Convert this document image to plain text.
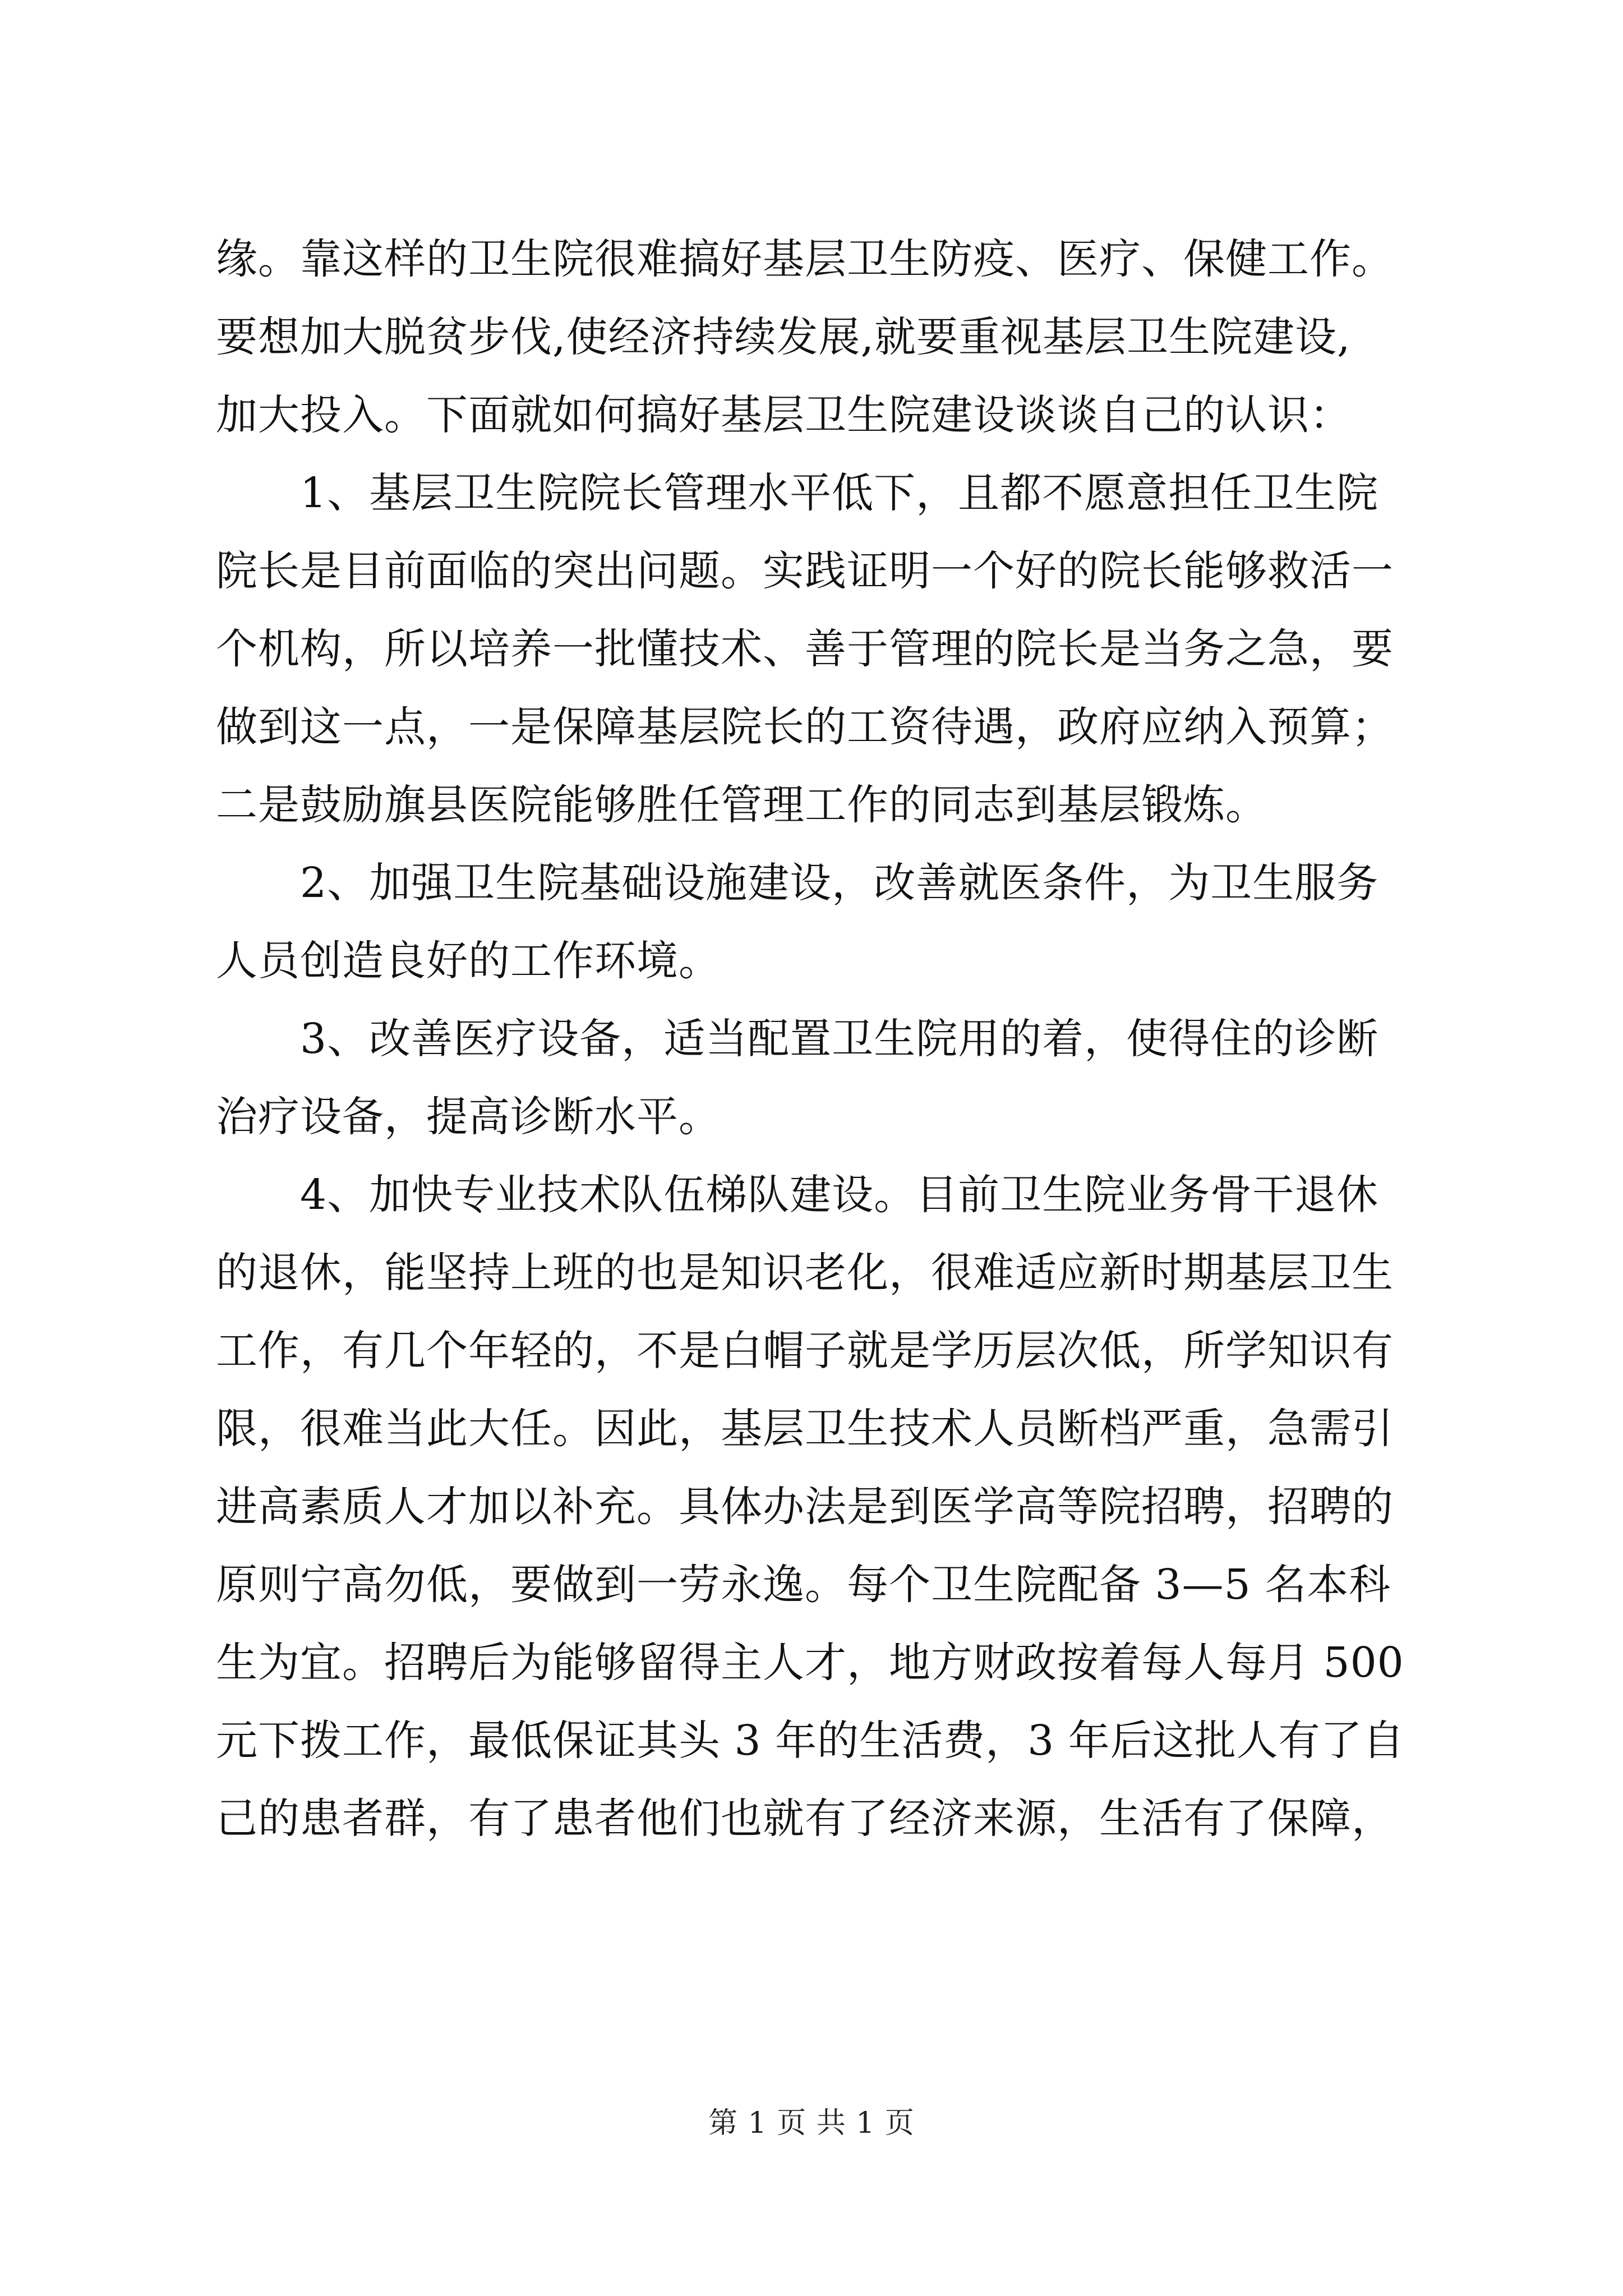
缘。靠这样的卫生院很难搞好基层卫生防疫、医疗、保健工作。
要想加大脱贫步伐,使经济持续发展,就要重视基层卫生院建设,
加大投入。下面就如何搞好基层卫生院建设谈谈自己的认识：
1、基层卫生院院长管理水平低下，且都不愿意担任卫生院
院长是目前面临的突出问题。实践证明一个好的院长能够救活一
个机构，所以培养一批懂技术、善于管理的院长是当务之急，要
做到这一点，一是保障基层院长的工资待遇，政府应纳入预算；
二是鼓励旗县医院能够胜任管理工作的同志到基层锻炼。
2、加强卫生院基础设施建设，改善就医条件，为卫生服务
人员创造良好的工作环境。
3、改善医疗设备，适当配置卫生院用的着，使得住的诊断
治疗设备，提高诊断水平。
4、加快专业技术队伍梯队建设。目前卫生院业务骨干退休
的退休，能坚持上班的也是知识老化，很难适应新时期基层卫生
工作，有几个年轻的，不是白帽子就是学历层次低，所学知识有
限，很难当此大任。因此，基层卫生技术人员断档严重，急需引
进高素质人才加以补充。具体办法是到医学高等院招聘，招聘的
原则宁高勿低，要做到一劳永逸。每个卫生院配备 3—5 名本科
生为宜。招聘后为能够留得主人才，地方财政按着每人每月 500
元下拨工作，最低保证其头 3 年的生活费，3 年后这批人有了自
己的患者群，有了患者他们也就有了经济来源，生活有了保障，
第 1 页 共 1 页
